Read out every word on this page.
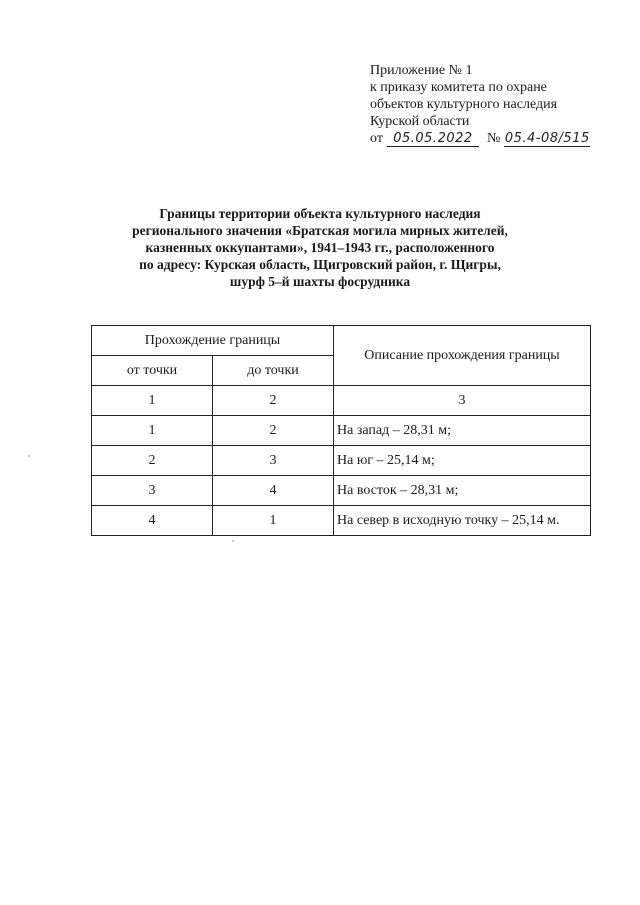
Приложение № 1
к приказу комитета по охране
объектов культурного наследия
Курской области
от 05.05.2022 № 05.4-08/515
Границы территории объекта культурного наследия
регионального значения «Братская могила мирных жителей,
казненных оккупантами», 1941–1943 гг., расположенного
по адресу: Курская область, Щигровский район, г. Щигры,
шурф 5–й шахты фосрудника
Прохождение границы		Описание прохождения границы
от точки	до точки	
1	2	3
1	2	На запад – 28,31 м;
2	3	На юг – 25,14 м;
3	4	На восток – 28,31 м;
4	1	На север в исходную точку – 25,14 м.
